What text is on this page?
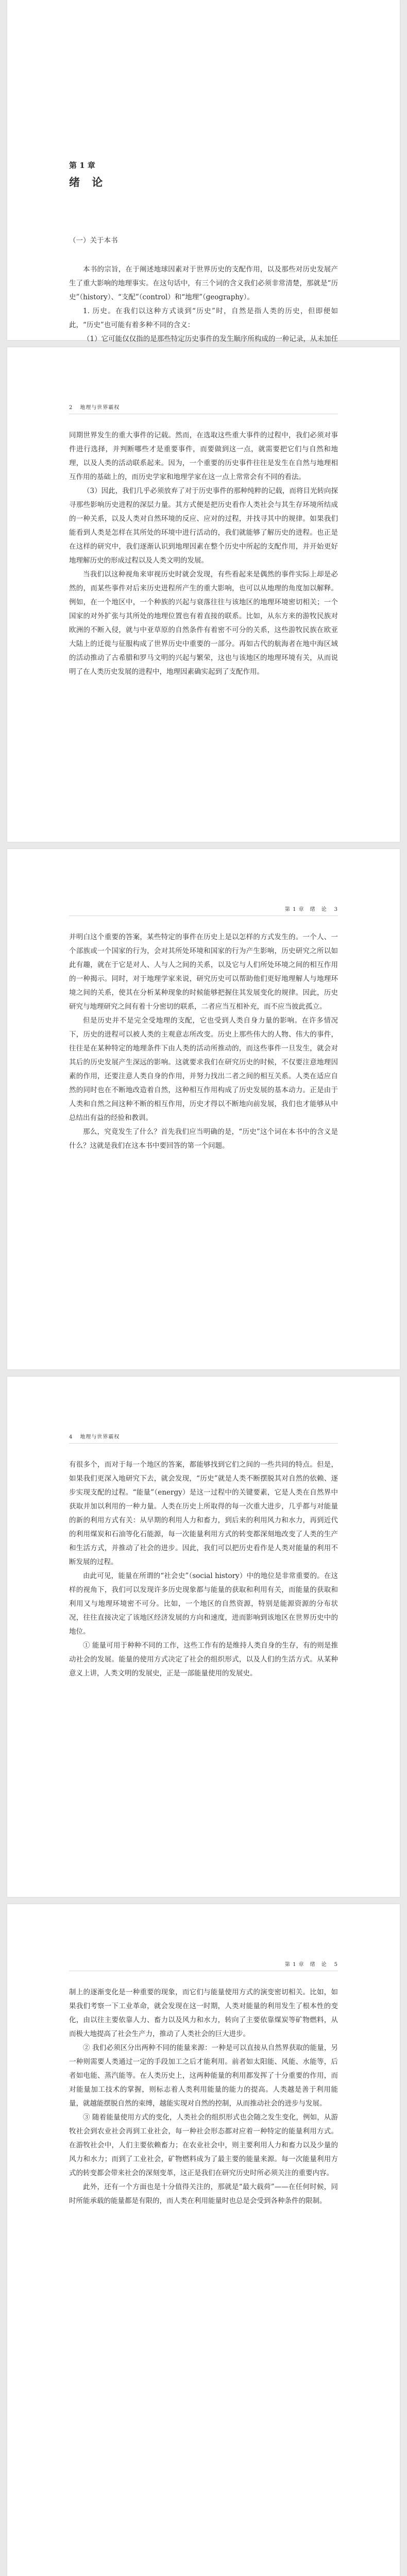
第 1 章
绪 论
（一）关于本书

本书的宗旨，在于阐述地球因素对于世界历史的支配作用，以及那些对历史发展产生了重大影响的地理事实。在这句话中，有三个词的含义我们必须非常清楚，那就是“历史”（history）、“支配”（control）和“地理”（geography）。

1. 历史。在我们以这种方式谈到“历史”时，自然是指人类的历史，但即便如此，“历史”也可能有着多种不同的含义：

（1）它可能仅仅指的是那些特定历史事件的发生顺序所构成的一种记录，从未加任

2 地理与世界霸权

同期世界发生的重大事件的记载。然而，在选取这些重大事件的过程中，我们必须对事件进行选择，并判断哪些才是重要事件，而要做到这一点，就需要把它们与自然和地理，以及人类的活动联系起来。因为，一个重要的历史事件往往是发生在自然与地理相互作用的基础上的，而历史学家和地理学家在这一点上常常会有不同的看法。

（3）因此，我们几乎必须放弃了对于历史事件的那种纯粹的记载，而将目光转向探寻那些影响历史进程的深层力量。其方式便是把历史看作人类社会与其生存环境所结成的一种关系，以及人类对自然环境的反应、应对的过程，并找寻其中的规律。如果我们能看到人类是怎样在其所处的环境中进行活动的，我们就能够了解历史的进程。也正是在这样的研究中，我们逐渐认识到地理因素在整个历史中所起的支配作用，并开始更好地理解历史的形成过程以及人类文明的发展。

当我们以这种视角来审视历史时就会发现，有些看起来是偶然的事件实际上却是必然的，而某些事件对后来历史进程所产生的重大影响，也可以从地理的角度加以解释。例如，在一个地区中，一个种族的兴起与衰落往往与该地区的地理环境密切相关；一个国家的对外扩张与其所处的地理位置也有着直接的联系。比如，从东方来的游牧民族对欧洲的不断入侵，就与中亚草原的自然条件有着密不可分的关系，这些游牧民族在欧亚大陆上的迁徙与征服构成了世界历史中重要的一部分。再如古代的航海者在地中海区域的活动推动了古希腊和罗马文明的兴起与繁荣，这也与该地区的地理环境有关，从而说明了在人类历史发展的进程中，地理因素确实起到了支配作用。

第 1 章　绪　论 3

并明白这个重要的答案，某些特定的事件在历史上是以怎样的方式发生的。一个人、一个部族或一个国家的行为，会对其所处环境和国家的行为产生影响，历史研究之所以如此有趣，就在于它是对人、人与人之间的关系，以及它与人们所处环境之间的相互作用的一种揭示。同时，对于地理学家来说，研究历史可以帮助他们更好地理解人与地理环境之间的关系，使其在分析某种现象的时候能够把握住其发展变化的规律。因此，历史研究与地理研究之间有着十分密切的联系，二者应当互相补充，而不应当彼此孤立。

但是历史并不是完全受地理的支配，它也受到人类自身力量的影响。在许多情况下，历史的进程可以被人类的主观意志所改变。历史上那些伟大的人物、伟大的事件，往往是在某种特定的地理条件下由人类的活动所推动的，而这些事件一旦发生，就会对其后的历史发展产生深远的影响。这就要求我们在研究历史的时候，不仅要注意地理因素的作用，还要注意人类自身的作用，并努力找出二者之间的相互关系。人类在适应自然的同时也在不断地改造着自然，这种相互作用构成了历史发展的基本动力。正是由于人类和自然之间这种不断的相互作用，历史才得以不断地向前发展，我们也才能够从中总结出有益的经验和教训。

那么，究竟发生了什么？首先我们应当明确的是，“历史”这个词在本书中的含义是什么？这就是我们在这本书中要回答的第一个问题。

4 地理与世界霸权

有很多个，而对于每一个地区的答案，都能够找到它们之间的一些共同的特点。但是，如果我们更深入地研究下去，就会发现，“历史”就是人类不断摆脱其对自然的依赖、逐步实现支配的过程。“能量”（energy）是这一过程中的关键要素，它是人类在自然界中获取并加以利用的一种力量。人类在历史上所取得的每一次重大进步，几乎都与对能量的新的利用方式有关：从早期的利用人力和畜力，到后来的利用风力和水力，再到近代的利用煤炭和石油等化石能源，每一次能量利用方式的转变都深刻地改变了人类的生产和生活方式，并推动了社会的进步。因此，我们可以把历史看作是人类对能量的利用不断发展的过程。

由此可见，能量在所谓的“社会史”（social history）中的地位是非常重要的。在这样的视角下，我们可以发现许多历史现象都与能量的获取和利用有关，而能量的获取和利用又与地理环境密不可分。比如，一个地区的自然资源，特别是能源资源的分布状况，往往直接决定了该地区经济发展的方向和速度，进而影响到该地区在世界历史中的地位。

① 能量可用于种种不同的工作，这些工作有的是维持人类自身的生存，有的则是推动社会的发展。能量的使用方式决定了社会的组织形式，以及人们的生活方式。从某种意义上讲，人类文明的发展史，正是一部能量使用的发展史。

第 1 章　绪　论 5

制上的逐渐变化是一种重要的现象，而它们与能量使用方式的演变密切相关。比如，如果我们考察一下工业革命，就会发现在这一时期，人类对能量的利用发生了根本性的变化，由以往主要依靠人力、畜力以及风力和水力，转向了主要依靠煤炭等矿物燃料，从而极大地提高了社会生产力，推动了人类社会的巨大进步。

② 我们必须区分出两种不同的能量来源：一种是可以直接从自然界获取的能量，另一种则需要人类通过一定的手段加工之后才能利用。前者如太阳能、风能、水能等，后者如电能、蒸汽能等。在人类历史上，这两种能量的利用都发挥了十分重要的作用，而对能量加工技术的掌握，则标志着人类利用能量的能力的提高。人类越是善于利用能量，就越能摆脱自然的束缚，越能实现对自然的控制，从而推动社会的进步与发展。

③ 随着能量使用方式的变化，人类社会的组织形式也会随之发生变化，例如，从游牧社会到农业社会再到工业社会，每一种社会形态都对应着一种特定的能量利用方式。在游牧社会中，人们主要依赖畜力；在农业社会中，则主要利用人力和畜力以及少量的风力和水力；而到了工业社会，矿物燃料成为了最主要的能量来源。每一次能量利用方式的转变都会带来社会的深刻变革，这正是我们在研究历史时所必须关注的重要内容。

此外，还有一个方面也是十分值得关注的，那就是“最大载荷”——在任何时候，同时所能承载的能量都是有限的，而人类在利用能量时也总是会受到各种条件的限制。
